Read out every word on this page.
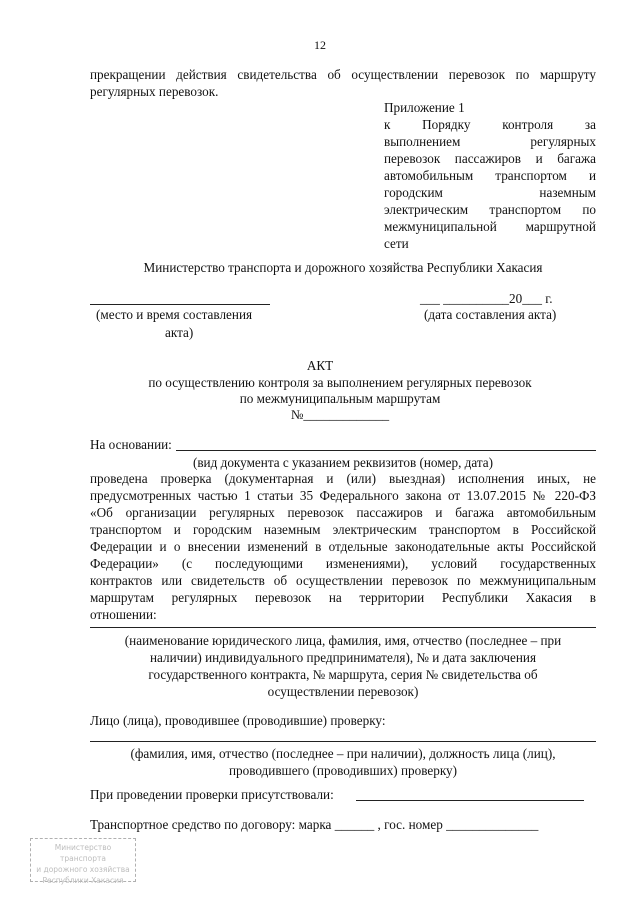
12
прекращении действия свидетельства об осуществлении перевозок по маршруту
регулярных перевозок.
Приложение 1
к Порядку контроля за
выполнением регулярных
перевозок пассажиров и багажа
автомобильным транспортом и
городским наземным
электрическим транспортом по
межмуниципальной маршрутной
сети
Министерство транспорта и дорожного хозяйства Республики Хакасия
___ __________20___ г.
(место и время составления
акта)
(дата составления акта)
АКТ
по осуществлению контроля за выполнением регулярных перевозок
по межмуниципальным маршрутам
№_____________
На основании:
(вид документа с указанием реквизитов (номер, дата)
проведена проверка (документарная и (или) выездная) исполнения иных, не
предусмотренных частью 1 статьи 35 Федерального закона от 13.07.2015 № 220-ФЗ
«Об организации регулярных перевозок пассажиров и багажа автомобильным
транспортом и городским наземным электрическим транспортом в Российской
Федерации и о внесении изменений в отдельные законодательные акты Российской
Федерации» (с последующими изменениями), условий государственных
контрактов или свидетельств об осуществлении перевозок по межмуниципальным
маршрутам регулярных перевозок на территории Республики Хакасия в
отношении:
(наименование юридического лица, фамилия, имя, отчество (последнее – при
наличии) индивидуального предпринимателя), № и дата заключения
государственного контракта, № маршрута, серия № свидетельства об
осуществлении перевозок)
Лицо (лица), проводившее (проводившие) проверку:
(фамилия, имя, отчество (последнее – при наличии), должность лица (лиц),
проводившего (проводивших) проверку)
При проведении проверки присутствовали:
Транспортное средство по договору: марка ______ , гос. номер ______________
Министерство транспорта
и дорожного хозяйства
Республики Хакасия
